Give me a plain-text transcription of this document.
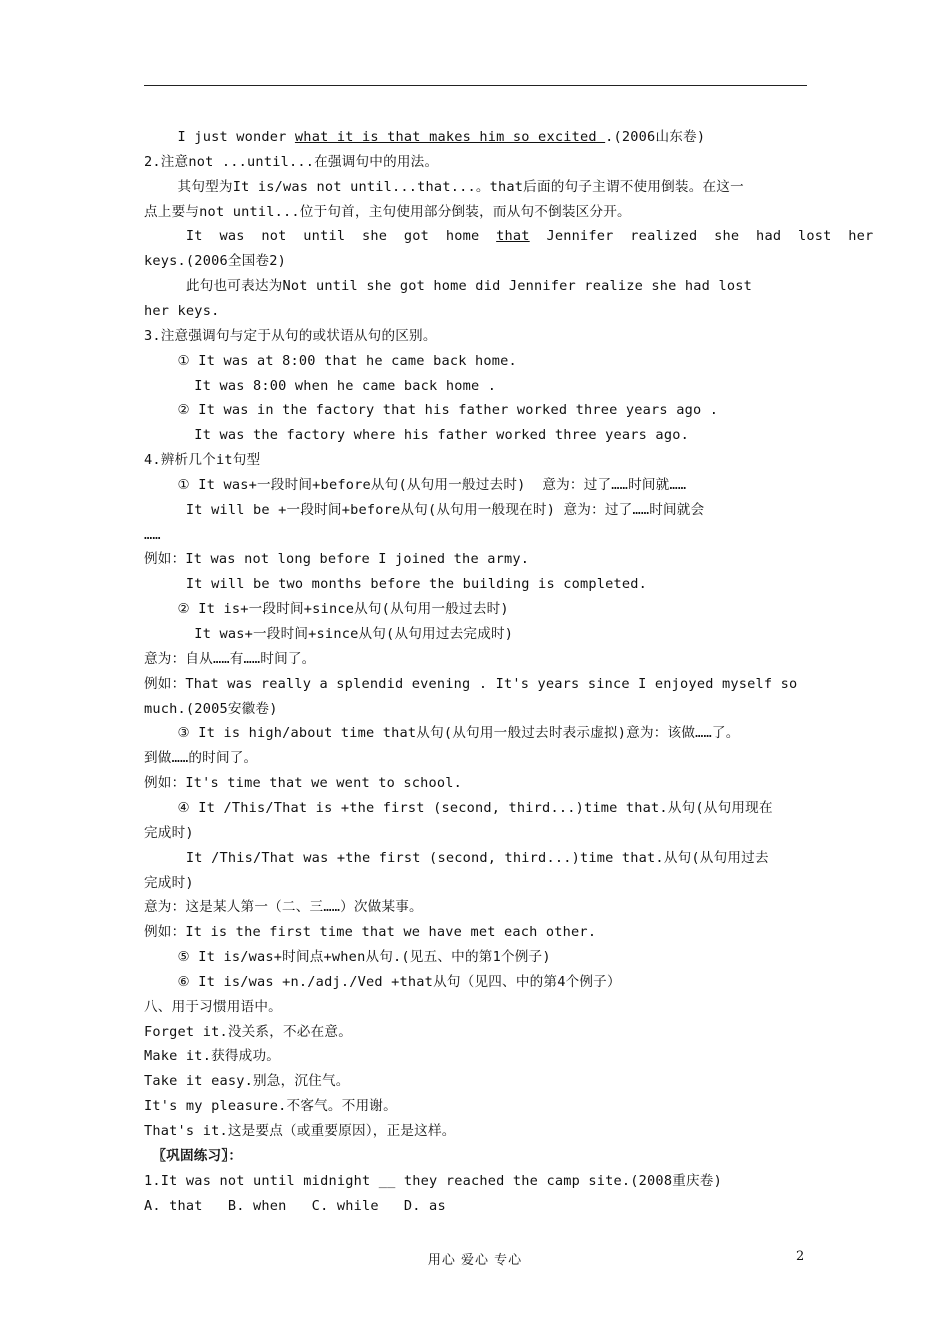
I just wonder what it is that makes him so excited .(2006山东卷)
2.注意not ...until...在强调句中的用法。
其句型为It is/was not until...that...。that后面的句子主谓不使用倒装。在这一
点上要与not until...位于句首，主句使用部分倒装，而从句不倒装区分开。
It  was  not  until  she  got  home  that  Jennifer  realized  she  had  lost  her
keys.(2006全国卷2)
此句也可表达为Not until she got home did Jennifer realize she had lost
her keys.
3.注意强调句与定于从句的或状语从句的区别。
① It was at 8:00 that he came back home.
It was 8:00 when he came back home .
② It was in the factory that his father worked three years ago .
It was the factory where his father worked three years ago.
4.辨析几个it句型
① It was+一段时间+before从句(从句用一般过去时)  意为：过了……时间就……
It will be +一段时间+before从句(从句用一般现在时) 意为：过了……时间就会
……
例如：It was not long before I joined the army.
It will be two months before the building is completed.
② It is+一段时间+since从句(从句用一般过去时)
It was+一段时间+since从句(从句用过去完成时)
意为：自从……有……时间了。
例如：That was really a splendid evening . It's years since I enjoyed myself so
much.(2005安徽卷)
③ It is high/about time that从句(从句用一般过去时表示虚拟)意为：该做……了。
到做……的时间了。
例如：It's time that we went to school.
④ It /This/That is +the first (second, third...)time that.从句(从句用现在
完成时)
It /This/That was +the first (second, third...)time that.从句(从句用过去
完成时)
意为：这是某人第一（二、三……）次做某事。
例如：It is the first time that we have met each other.
⑤ It is/was+时间点+when从句.(见五、中的第1个例子)
⑥ It is/was +n./adj./Ved +that从句（见四、中的第4个例子）
八、用于习惯用语中。
Forget it.没关系，不必在意。
Make it.获得成功。
Take it easy.别急，沉住气。
It's my pleasure.不客气。不用谢。
That's it.这是要点（或重要原因），正是这样。
〖巩固练习〗：
1.It was not until midnight __ they reached the camp site.(2008重庆卷)
A. that   B. when   C. while   D. as
用心 爱心 专心	2
